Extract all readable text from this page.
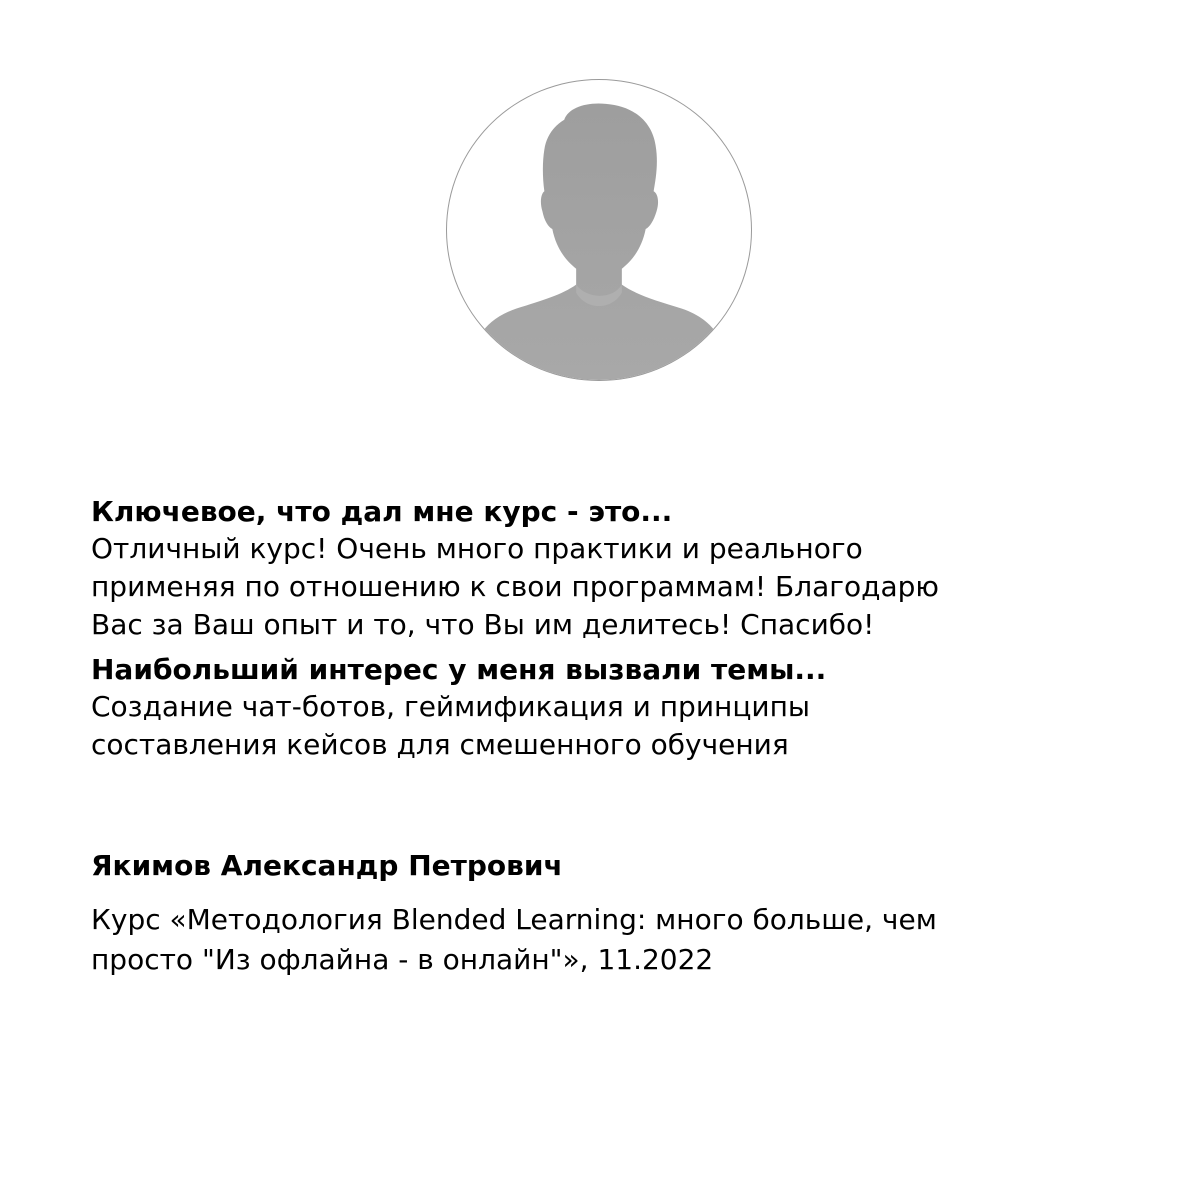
Ключевое, что дал мне курс - это...

Отличный курс! Очень много практики и реального

применяя по отношению к свои программам! Благодарю

Вас за Ваш опыт и то, что Вы им делитесь! Спасибо!

Наибольший интерес у меня вызвали темы...

Создание чат-ботов, геймификация и принципы

составления кейсов для смешенного обучения

Якимов Александр Петрович

Курс «Методология Blended Learning: много больше, чем
просто "Из офлайна - в онлайн"», 11.2022
